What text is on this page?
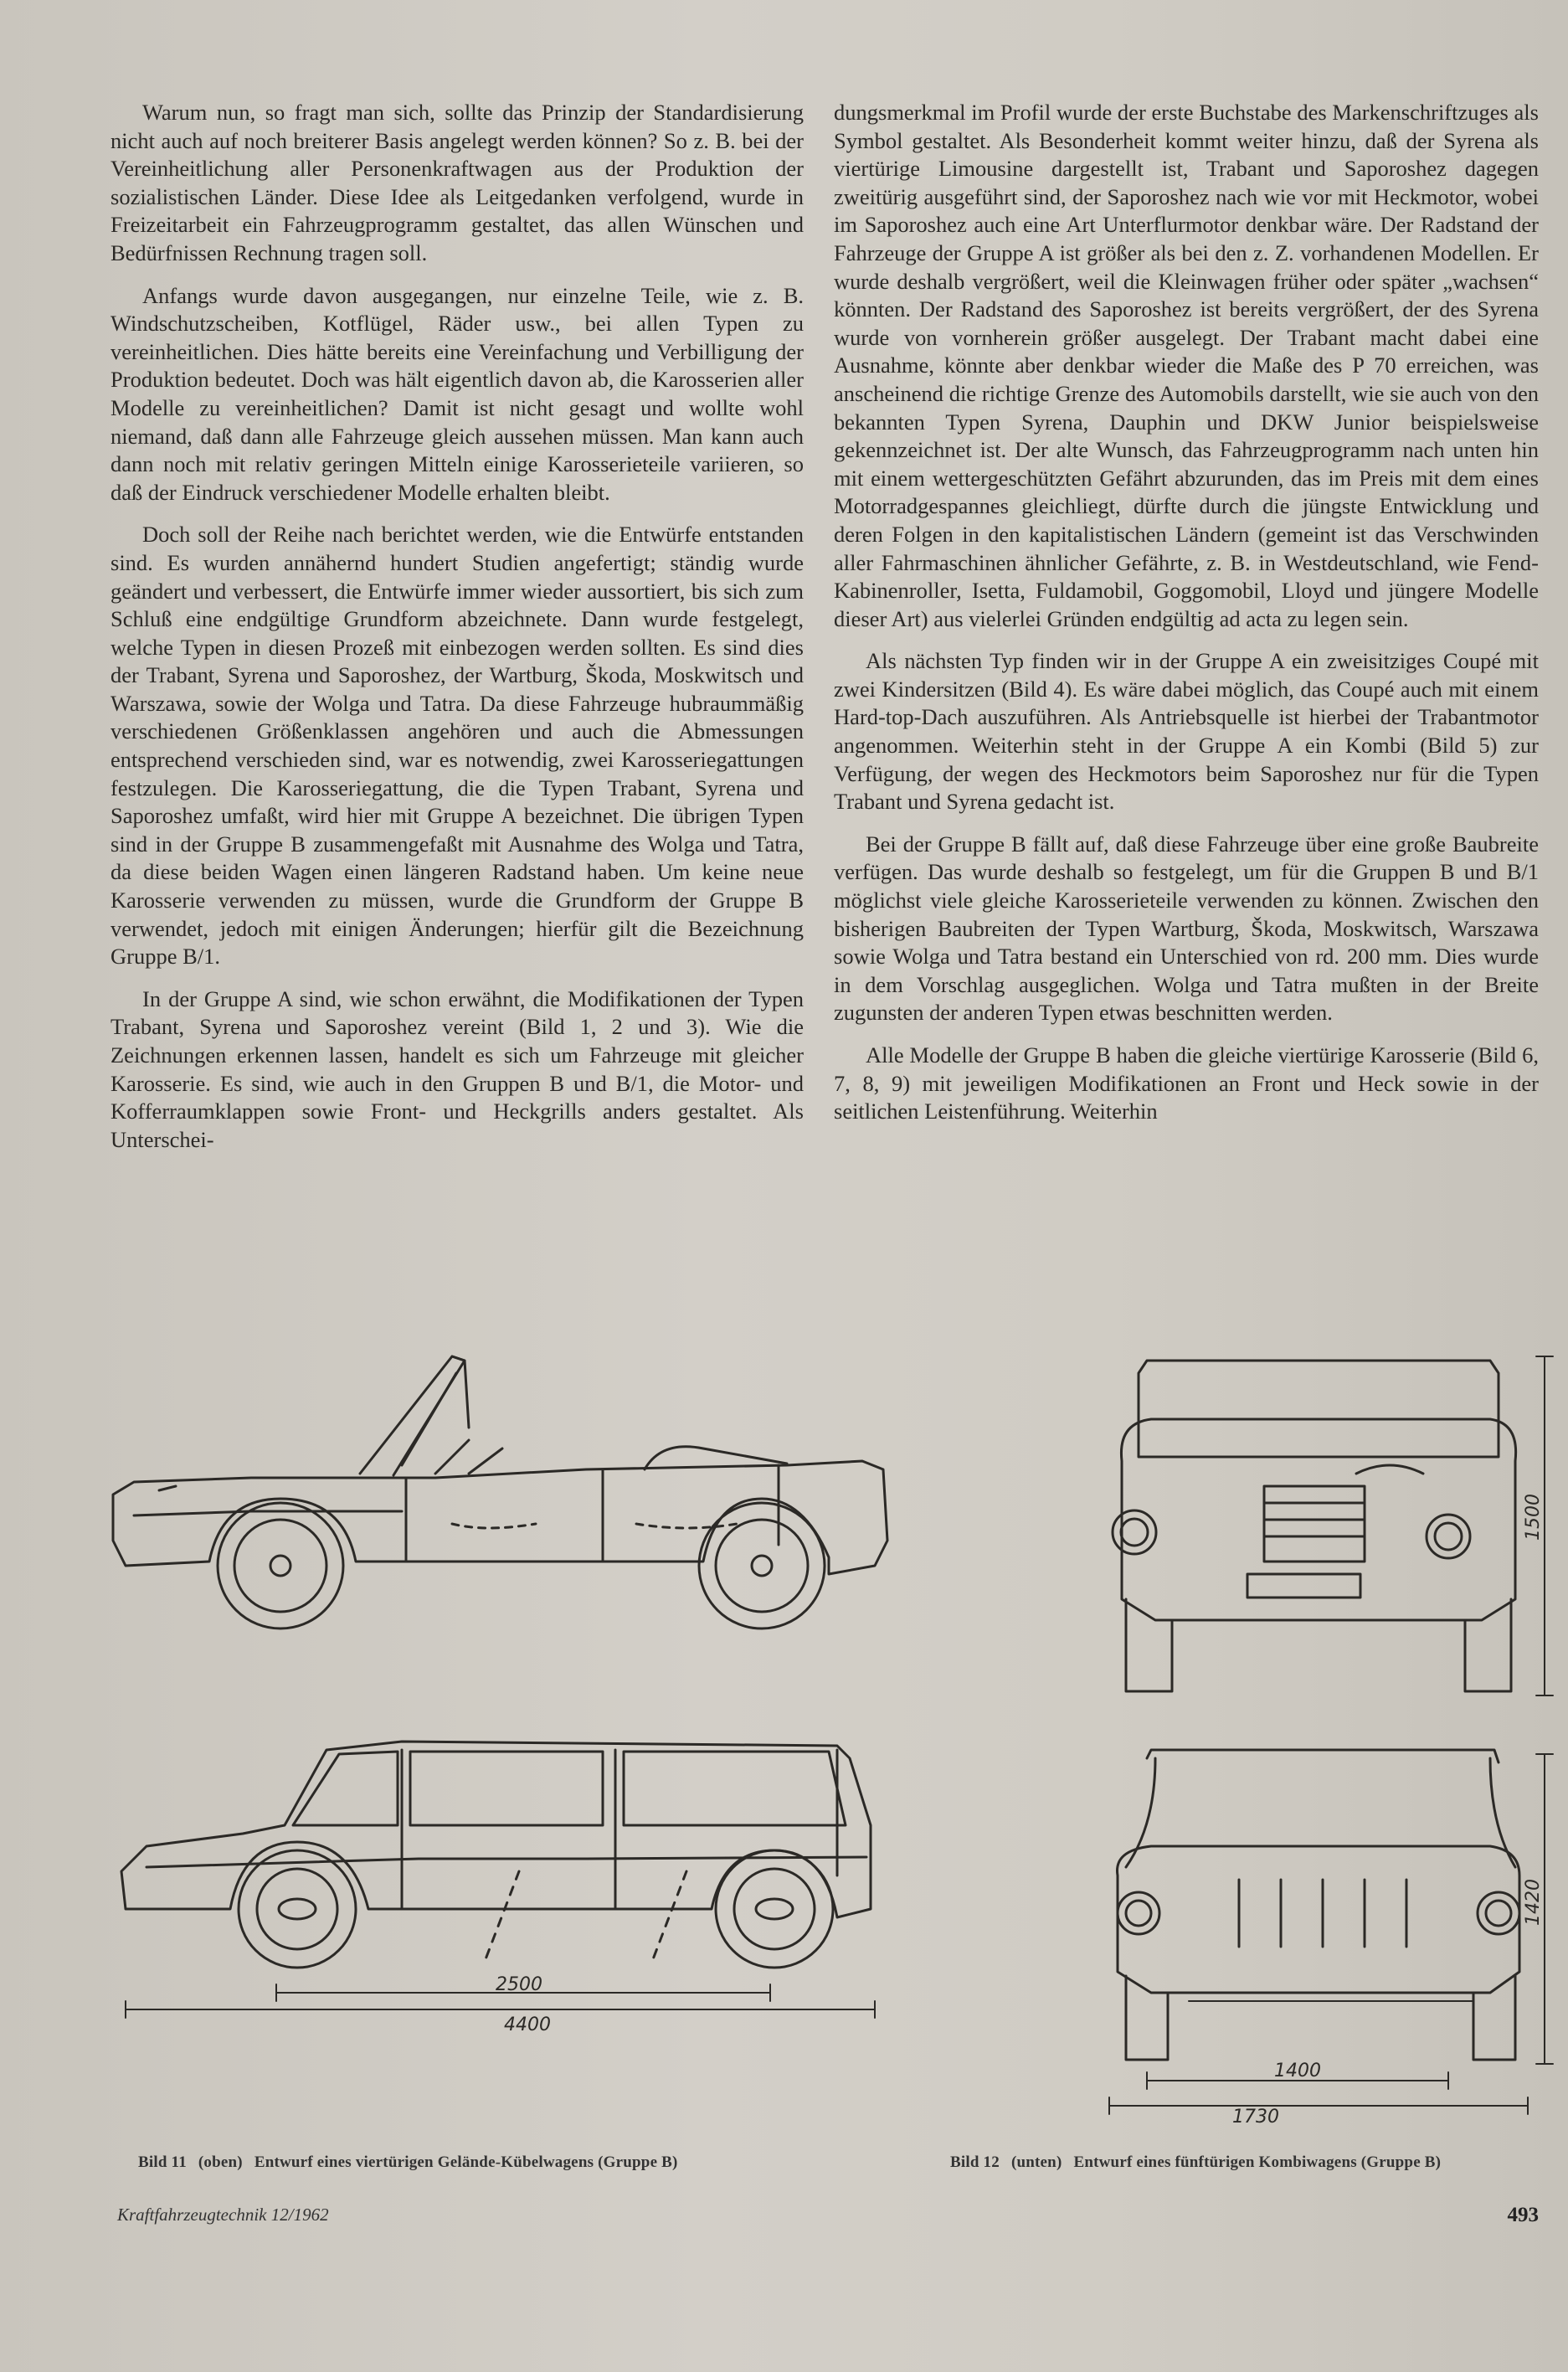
Warum nun, so fragt man sich, sollte das Prinzip der Standardisierung nicht auch auf noch breiterer Basis angelegt werden können? So z. B. bei der Vereinheitlichung aller Personenkraftwagen aus der Produktion der sozialistischen Länder. Diese Idee als Leitgedanken verfolgend, wurde in Freizeitarbeit ein Fahrzeugprogramm gestaltet, das allen Wünschen und Bedürfnissen Rechnung tragen soll.

Anfangs wurde davon ausgegangen, nur einzelne Teile, wie z. B. Windschutzscheiben, Kotflügel, Räder usw., bei allen Typen zu vereinheitlichen. Dies hätte bereits eine Vereinfachung und Verbilligung der Produktion bedeutet. Doch was hält eigentlich davon ab, die Karosserien aller Modelle zu vereinheitlichen? Damit ist nicht gesagt und wollte wohl niemand, daß dann alle Fahrzeuge gleich aussehen müssen. Man kann auch dann noch mit relativ geringen Mitteln einige Karosserieteile variieren, so daß der Eindruck verschiedener Modelle erhalten bleibt.

Doch soll der Reihe nach berichtet werden, wie die Entwürfe entstanden sind. Es wurden annähernd hundert Studien angefertigt; ständig wurde geändert und verbessert, die Entwürfe immer wieder aussortiert, bis sich zum Schluß eine endgültige Grundform abzeichnete. Dann wurde festgelegt, welche Typen in diesen Prozeß mit einbezogen werden sollten. Es sind dies der Trabant, Syrena und Saporoshez, der Wartburg, Škoda, Moskwitsch und Warszawa, sowie der Wolga und Tatra. Da diese Fahrzeuge hubraummäßig verschiedenen Größenklassen angehören und auch die Abmessungen entsprechend verschieden sind, war es notwendig, zwei Karosseriegattungen festzulegen. Die Karosseriegattung, die die Typen Trabant, Syrena und Saporoshez umfaßt, wird hier mit Gruppe A bezeichnet. Die übrigen Typen sind in der Gruppe B zusammengefaßt mit Ausnahme des Wolga und Tatra, da diese beiden Wagen einen längeren Radstand haben. Um keine neue Karosserie verwenden zu müssen, wurde die Grundform der Gruppe B verwendet, jedoch mit einigen Änderungen; hierfür gilt die Bezeichnung Gruppe B/1.

In der Gruppe A sind, wie schon erwähnt, die Modifikationen der Typen Trabant, Syrena und Saporoshez vereint (Bild 1, 2 und 3). Wie die Zeichnungen erkennen lassen, handelt es sich um Fahrzeuge mit gleicher Karosserie. Es sind, wie auch in den Gruppen B und B/1, die Motor- und Kofferraumklappen sowie Front- und Heckgrills anders gestaltet. Als Unterschei-

dungsmerkmal im Profil wurde der erste Buchstabe des Markenschriftzuges als Symbol gestaltet. Als Besonderheit kommt weiter hinzu, daß der Syrena als viertürige Limousine dargestellt ist, Trabant und Saporoshez dagegen zweitürig ausgeführt sind, der Saporoshez nach wie vor mit Heckmotor, wobei im Saporoshez auch eine Art Unterflurmotor denkbar wäre. Der Radstand der Fahrzeuge der Gruppe A ist größer als bei den z. Z. vorhandenen Modellen. Er wurde deshalb vergrößert, weil die Kleinwagen früher oder später „wachsen“ könnten. Der Radstand des Saporoshez ist bereits vergrößert, der des Syrena wurde von vornherein größer ausgelegt. Der Trabant macht dabei eine Ausnahme, könnte aber denkbar wieder die Maße des P 70 erreichen, was anscheinend die richtige Grenze des Automobils darstellt, wie sie auch von den bekannten Typen Syrena, Dauphin und DKW Junior beispielsweise gekennzeichnet ist. Der alte Wunsch, das Fahrzeugprogramm nach unten hin mit einem wettergeschützten Gefährt abzurunden, das im Preis mit dem eines Motorradgespannes gleichliegt, dürfte durch die jüngste Entwicklung und deren Folgen in den kapitalistischen Ländern (gemeint ist das Verschwinden aller Fahrmaschinen ähnlicher Gefährte, z. B. in Westdeutschland, wie Fend-Kabinenroller, Isetta, Fuldamobil, Goggomobil, Lloyd und jüngere Modelle dieser Art) aus vielerlei Gründen endgültig ad acta zu legen sein.

Als nächsten Typ finden wir in der Gruppe A ein zweisitziges Coupé mit zwei Kindersitzen (Bild 4). Es wäre dabei möglich, das Coupé auch mit einem Hard-top-Dach auszuführen. Als Antriebsquelle ist hierbei der Trabantmotor angenommen. Weiterhin steht in der Gruppe A ein Kombi (Bild 5) zur Verfügung, der wegen des Heckmotors beim Saporoshez nur für die Typen Trabant und Syrena gedacht ist.

Bei der Gruppe B fällt auf, daß diese Fahrzeuge über eine große Baubreite verfügen. Das wurde deshalb so festgelegt, um für die Gruppen B und B/1 möglichst viele gleiche Karosserieteile verwenden zu können. Zwischen den bisherigen Baubreiten der Typen Wartburg, Škoda, Moskwitsch, Warszawa sowie Wolga und Tatra bestand ein Unterschied von rd. 200 mm. Dies wurde in dem Vorschlag ausgeglichen. Wolga und Tatra mußten in der Breite zugunsten der anderen Typen etwas beschnitten werden.

Alle Modelle der Gruppe B haben die gleiche viertürige Karosserie (Bild 6, 7, 8, 9) mit jeweiligen Modifikationen an Front und Heck sowie in der seitlichen Leistenführung. Weiterhin

1500
2500
4400
1400
1730
1420
Bild 11 (oben) Entwurf eines viertürigen Gelände-Kübelwagens (Gruppe B)	Bild 12 (unten) Entwurf eines fünftürigen Kombiwagens (Gruppe B)
Kraftfahrzeugtechnik 12/1962	493
